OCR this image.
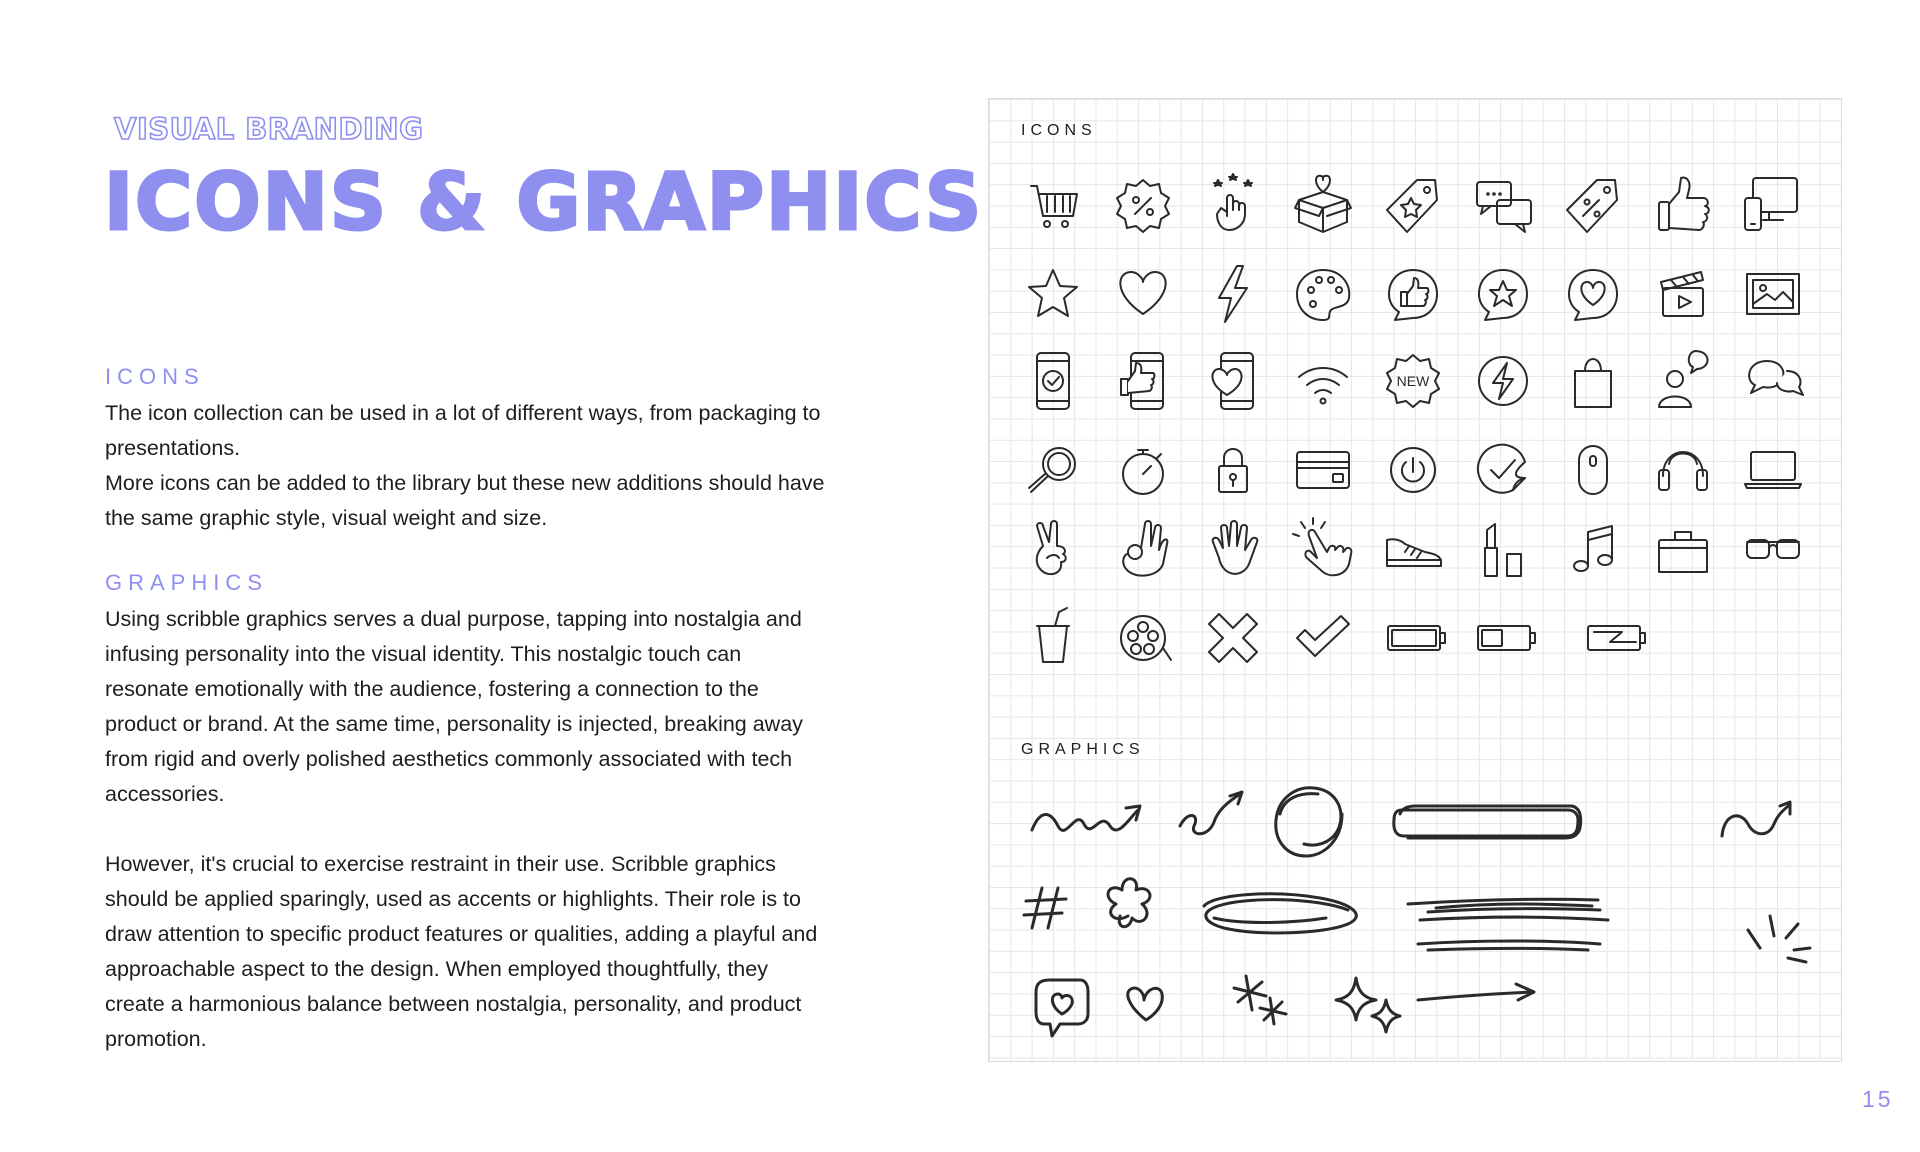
VISUAL BRANDING
ICONS & GRAPHICS
ICONS

The icon collection can be used in a lot of different ways, from packaging to presentations.

More icons can be added to the library but these new additions should have the same graphic style, visual weight and size.

GRAPHICS

Using scribble graphics serves a dual purpose, tapping into nostalgia and infusing personality into the visual identity. This nostalgic touch can resonate emotionally with the audience, fostering a connection to the product or brand. At the same time, personality is injected, breaking away from rigid and overly polished aesthetics commonly associated with tech accessories.

However, it's crucial to exercise restraint in their use. Scribble graphics should be applied sparingly, used as accents or highlights. Their role is to draw attention to specific product features or qualities, adding a playful and approachable aspect to the design. When employed thoughtfully, they create a harmonious balance between nostalgia, personality, and product promotion.

ICONS
GRAPHICS
NEW
15
